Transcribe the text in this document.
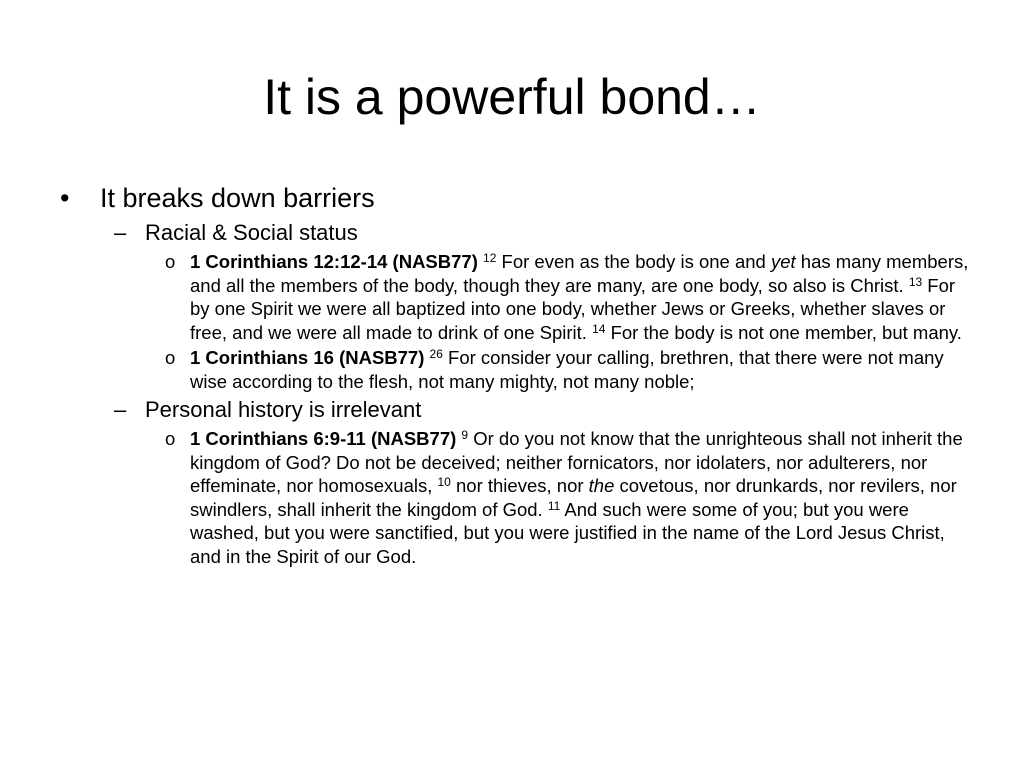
It is a powerful bond…
•	It breaks down barriers
– Racial & Social status
o 1 Corinthians 12:12-14 (NASB77) $^{12}$ For even as the body is one and yet has many members, and all the members of the body, though they are many, are one body, so also is Christ. $^{13}$ For by one Spirit we were all baptized into one body, whether Jews or Greeks, whether slaves or free, and we were all made to drink of one Spirit. $^{14}$ For the body is not one member, but many.

o 1 Corinthians 16 (NASB77) $^{26}$ For consider your calling, brethren, that there were not many wise according to the flesh, not many mighty, not many noble;

– Personal history is irrelevant
o 1 Corinthians 6:9-11 (NASB77) $^9$ Or do you not know that the unrighteous shall not inherit the kingdom of God? Do not be deceived; neither fornicators, nor idolaters, nor adulterers, nor effeminate, nor homosexuals, $^{10}$ nor thieves, nor the covetous, nor drunkards, nor revilers, nor swindlers, shall inherit the kingdom of God. $^{11}$ And such were some of you; but you were washed, but you were sanctified, but you were justified in the name of the Lord Jesus Christ, and in the Spirit of our God.
